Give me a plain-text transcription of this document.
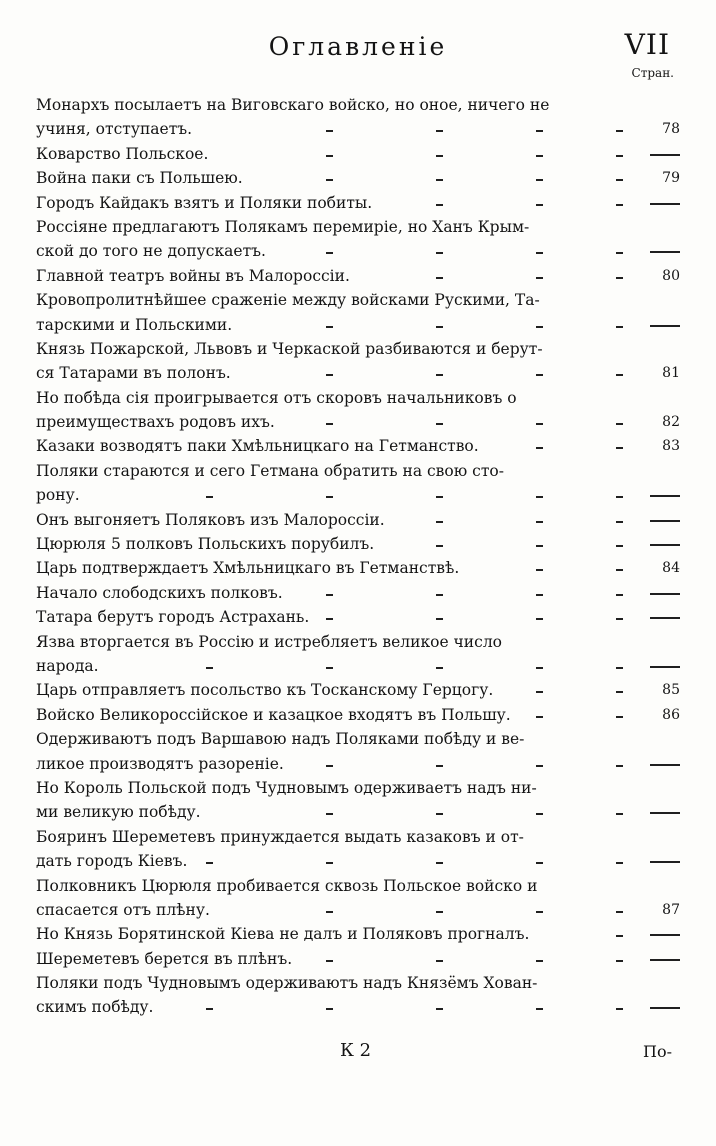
Оглавленіе	VII
Стран.
Монархъ посылаетъ на Виговскаго войско, но оное, ничего не
учиня, отступаетъ.	78
Коварство Польское.
Война паки съ Польшею.	79
Городъ Кайдакъ взятъ и Поляки побиты.
Россіяне предлагаютъ Полякамъ перемиріе, но Ханъ Крым-
ской до того не допускаетъ.
Главной театръ войны въ Малороссіи.	80
Кровопролитнѣйшее сраженіе между войсками Рускими, Та-
тарскими и Польскими.
Князь Пожарской, Львовъ и Черкаской разбиваются и берут-
ся Татарами въ полонъ.	81
Но побѣда сія проигрывается отъ скоровъ начальниковъ о
преимуществахъ родовъ ихъ.	82
Казаки возводятъ паки Хмѣльницкаго на Гетманство.	83
Поляки стараются и сего Гетмана обратить на свою сто-
рону.
Онъ выгоняетъ Поляковъ изъ Малороссіи.
Цюрюля 5 полковъ Польскихъ порубилъ.
Царь подтверждаетъ Хмѣльницкаго въ Гетманствѣ.	84
Начало слободскихъ полковъ.
Татара берутъ городъ Астрахань.
Язва вторгается въ Россію и истребляетъ великое число
народа.
Царь отправляетъ посольство къ Тосканскому Герцогу.	85
Войско Великороссійское и казацкое входятъ въ Польшу.	86
Одерживаютъ подъ Варшавою надъ Поляками побѣду и ве-
ликое производятъ разореніе.
Но Король Польской подъ Чудновымъ одерживаетъ надъ ни-
ми великую побѣду.
Бояринъ Шереметевъ принуждается выдать казаковъ и от-
дать городъ Кіевъ.
Полковникъ Цюрюля пробивается сквозь Польское войско и
спасается отъ плѣну.	87
Но Князь Борятинской Кіева не далъ и Поляковъ прогналъ.
Шереметевъ берется въ плѣнъ.
Поляки подъ Чудновымъ одерживаютъ надъ Князёмъ Хован-
скимъ побѣду.
К 2	По-
